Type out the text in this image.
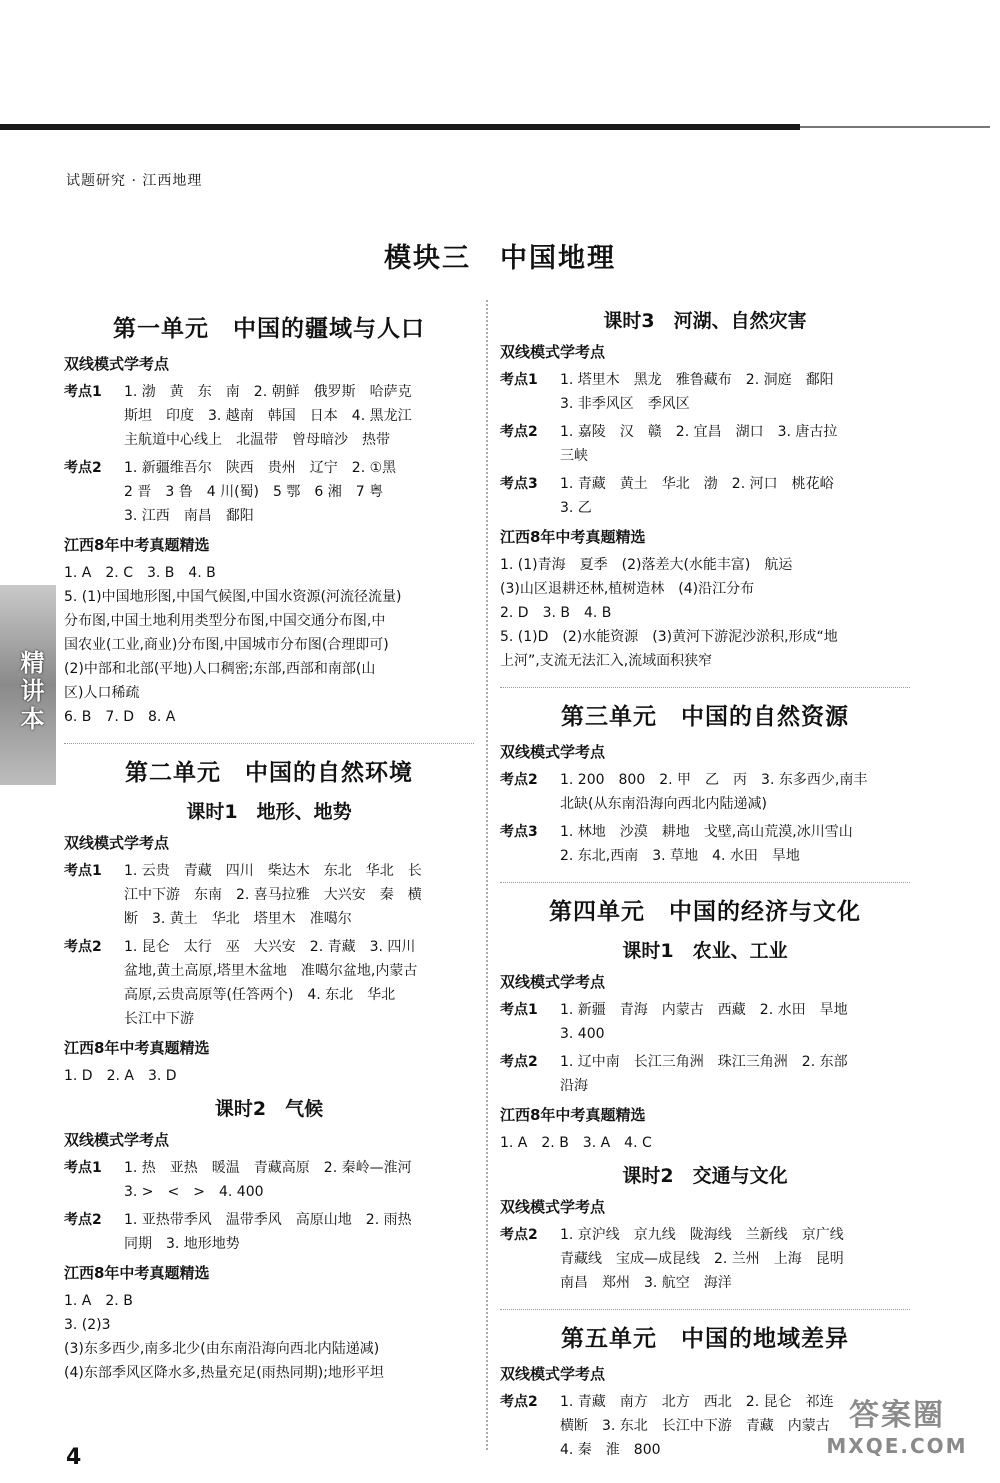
试题研究 · 江西地理
模块三　中国地理
精讲本
第一单元　中国的疆域与人口
双线模式学考点
考点1	1. 渤　黄　东　南　2. 朝鲜　俄罗斯　哈萨克
斯坦　印度　3. 越南　韩国　日本　4. 黑龙江
主航道中心线上　北温带　曾母暗沙　热带
考点2	1. 新疆维吾尔　陕西　贵州　辽宁　2. ①黑
2 晋　3 鲁　4 川(蜀)　5 鄂　6 湘　7 粤
3. 江西　南昌　鄱阳
江西8年中考真题精选
1. A　2. C　3. B　4. B
5. (1)中国地形图,中国气候图,中国水资源(河流径流量)
分布图,中国土地利用类型分布图,中国交通分布图,中
国农业(工业,商业)分布图,中国城市分布图(合理即可)
(2)中部和北部(平地)人口稠密;东部,西部和南部(山
区)人口稀疏
6. B　7. D　8. A
第二单元　中国的自然环境
课时1　地形、地势
双线模式学考点
考点1	1. 云贵　青藏　四川　柴达木　东北　华北　长
江中下游　东南　2. 喜马拉雅　大兴安　秦　横
断　3. 黄土　华北　塔里木　准噶尔
考点2	1. 昆仑　太行　巫　大兴安　2. 青藏　3. 四川
盆地,黄土高原,塔里木盆地　准噶尔盆地,内蒙古
高原,云贵高原等(任答两个)　4. 东北　华北
长江中下游
江西8年中考真题精选
1. D　2. A　3. D
课时2　气候
双线模式学考点
考点1	1. 热　亚热　暖温　青藏高原　2. 秦岭—淮河
3. >　<　>　4. 400
考点2	1. 亚热带季风　温带季风　高原山地　2. 雨热
同期　3. 地形地势
江西8年中考真题精选
1. A　2. B
3. (2)3
(3)东多西少,南多北少(由东南沿海向西北内陆递减)
(4)东部季风区降水多,热量充足(雨热同期);地形平坦
课时3　河湖、自然灾害
双线模式学考点
考点1	1. 塔里木　黑龙　雅鲁藏布　2. 洞庭　鄱阳
3. 非季风区　季风区
考点2	1. 嘉陵　汉　赣　2. 宜昌　湖口　3. 唐古拉
三峡
考点3	1. 青藏　黄土　华北　渤　2. 河口　桃花峪
3. 乙
江西8年中考真题精选
1. (1)青海　夏季　(2)落差大(水能丰富)　航运
(3)山区退耕还林,植树造林　(4)沿江分布
2. D　3. B　4. B
5. (1)D　(2)水能资源　(3)黄河下游泥沙淤积,形成“地
上河”,支流无法汇入,流域面积狭窄
第三单元　中国的自然资源
双线模式学考点
考点2	1. 200　800　2. 甲　乙　丙　3. 东多西少,南丰
北缺(从东南沿海向西北内陆递减)
考点3	1. 林地　沙漠　耕地　戈壁,高山荒漠,冰川雪山
2. 东北,西南　3. 草地　4. 水田　旱地
第四单元　中国的经济与文化
课时1　农业、工业
双线模式学考点
考点1	1. 新疆　青海　内蒙古　西藏　2. 水田　旱地
3. 400
考点2	1. 辽中南　长江三角洲　珠江三角洲　2. 东部
沿海
江西8年中考真题精选
1. A　2. B　3. A　4. C
课时2　交通与文化
双线模式学考点
考点2	1. 京沪线　京九线　陇海线　兰新线　京广线
青藏线　宝成—成昆线　2. 兰州　上海　昆明
南昌　郑州　3. 航空　海洋
第五单元　中国的地域差异
双线模式学考点
考点2	1. 青藏　南方　北方　西北　2. 昆仑　祁连
横断　3. 东北　长江中下游　青藏　内蒙古
4. 秦　淮　800
4
答案圈
MXQE.COM
